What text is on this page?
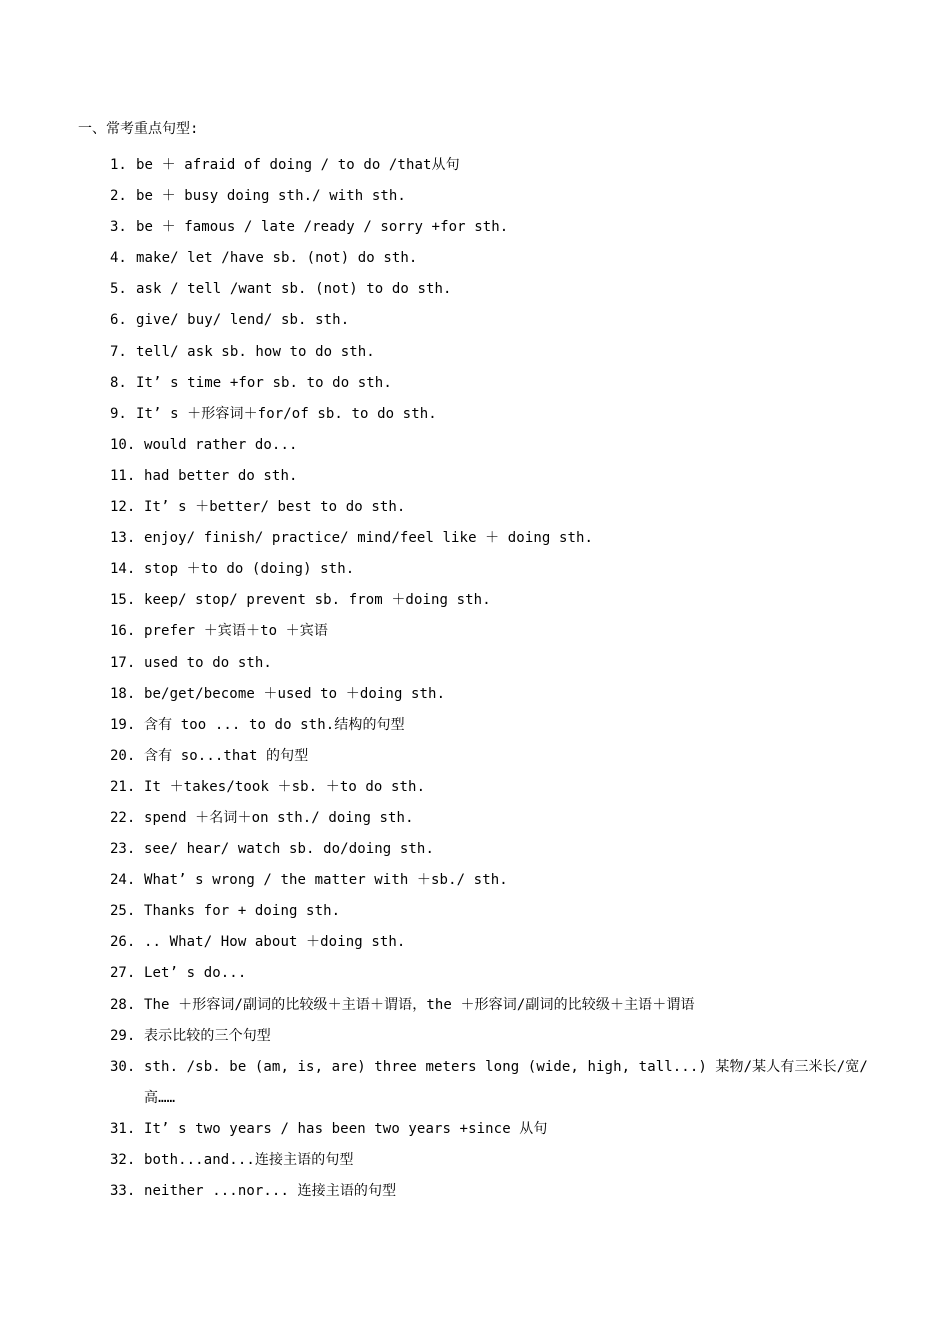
一、常考重点句型:
1. be ＋ afraid of doing / to do /that从句
2. be ＋ busy doing sth./ with sth.
3. be ＋ famous / late /ready / sorry +for sth.
4. make/ let /have sb. (not) do sth.
5. ask / tell /want sb. (not) to do sth.
6. give/ buy/ lend/ sb. sth.
7. tell/ ask sb. how to do sth.
8. It’ s time +for sb. to do sth.
9. It’ s ＋形容词＋for/of sb. to do sth.
10. would rather do...
11. had better do sth.
12. It’ s ＋better/ best to do sth.
13. enjoy/ finish/ practice/ mind/feel like ＋ doing sth.
14. stop ＋to do (doing) sth.
15. keep/ stop/ prevent sb. from ＋doing sth.
16. prefer ＋宾语＋to ＋宾语
17. used to do sth.
18. be/get/become ＋used to ＋doing sth.
19. 含有 too ... to do sth.结构的句型
20. 含有 so...that 的句型
21. It ＋takes/took ＋sb. ＋to do sth.
22. spend ＋名词＋on sth./ doing sth.
23. see/ hear/ watch sb. do/doing sth.
24. What’ s wrong / the matter with ＋sb./ sth.
25. Thanks for + doing sth.
26. .. What/ How about ＋doing sth.
27. Let’ s do...
28. The ＋形容词/副词的比较级＋主语＋谓语，the ＋形容词/副词的比较级＋主语＋谓语
29. 表示比较的三个句型
30. sth. /sb. be (am, is, are) three meters long (wide, high, tall...) 某物/某人有三米长/宽/高……
31. It’ s two years / has been two years +since 从句
32. both...and...连接主语的句型
33. neither ...nor... 连接主语的句型
